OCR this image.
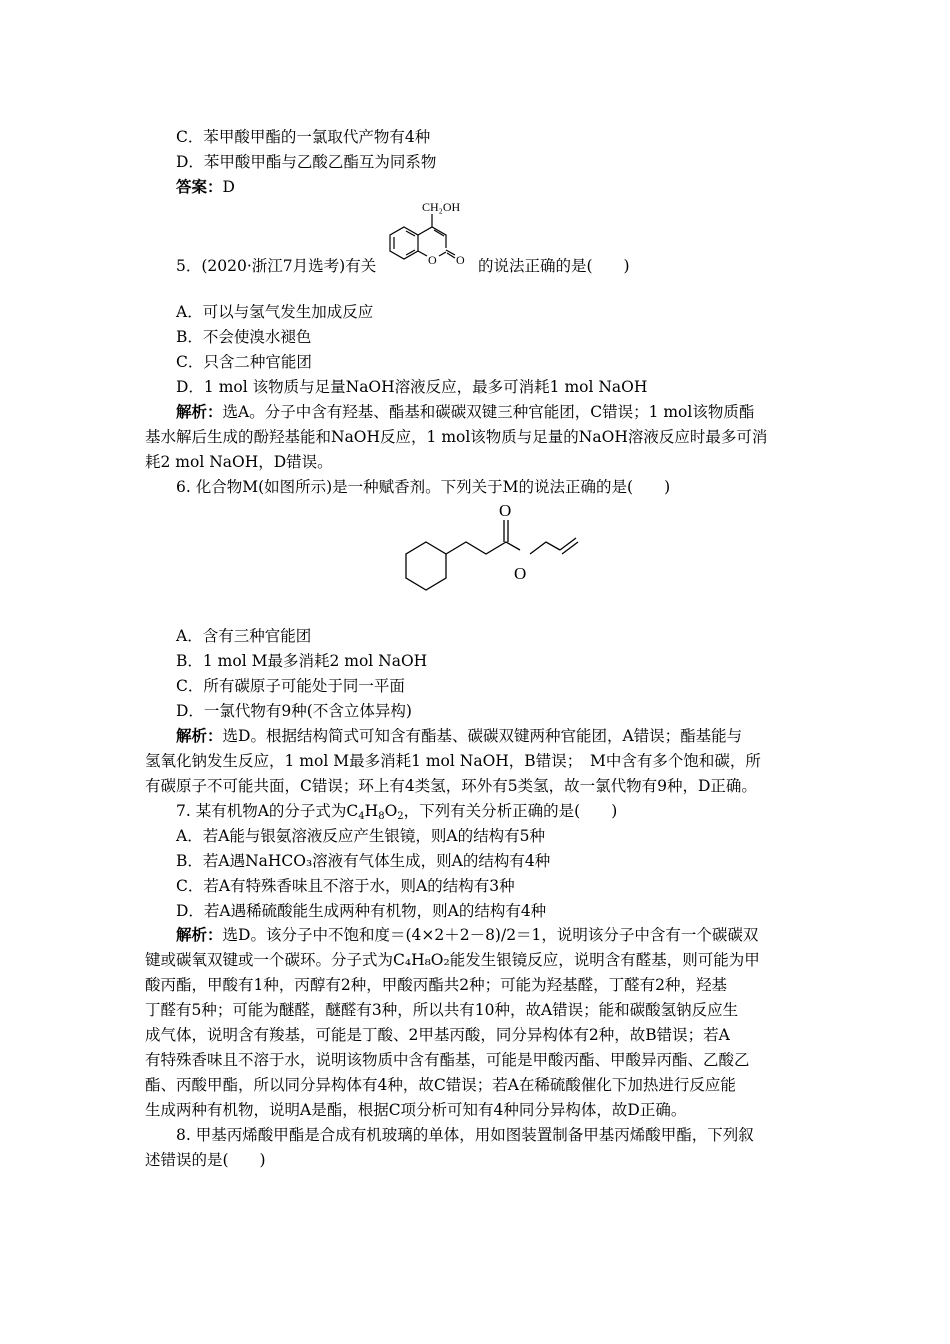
C．苯甲酸甲酯的一氯取代产物有4种
D．苯甲酸甲酯与乙酸乙酯互为同系物
答案：D
5．(2020·浙江7月选考)有关
CH₂OH
O O 的说法正确的是(　　)
A．可以与氢气发生加成反应
B．不会使溴水褪色
C．只含二种官能团
D．1 mol 该物质与足量NaOH溶液反应，最多可消耗1 mol NaOH
解析：选A。分子中含有羟基、酯基和碳碳双键三种官能团，C错误；1 mol该物质酯
基水解后生成的酚羟基能和NaOH反应，1 mol该物质与足量的NaOH溶液反应时最多可消
耗2 mol NaOH，D错误。
6. 化合物M(如图所示)是一种赋香剂。下列关于M的说法正确的是(　　)
O
O
A．含有三种官能团
B．1 mol M最多消耗2 mol NaOH
C．所有碳原子可能处于同一平面
D．一氯代物有9种(不含立体异构)
解析：选D。根据结构简式可知含有酯基、碳碳双键两种官能团，A错误；酯基能与
氢氧化钠发生反应，1 mol M最多消耗1 mol NaOH，B错误；　M中含有多个饱和碳，所
有碳原子不可能共面，C错误；环上有4类氢，环外有5类氢，故一氯代物有9种，D正确。
7. 某有机物A的分子式为$C_4H_8O_2$，下列有关分析正确的是(　　)
A．若A能与银氨溶液反应产生银镜，则A的结构有5种
B．若A遇NaHCO₃溶液有气体生成，则A的结构有4种
C．若A有特殊香味且不溶于水，则A的结构有3种
D．若A遇稀硫酸能生成两种有机物，则A的结构有4种
解析：选D。该分子中不饱和度＝(4×2＋2－8)/2＝1，说明该分子中含有一个碳碳双
键或碳氧双键或一个碳环。分子式为C₄H₈O₂能发生银镜反应，说明含有醛基，则可能为甲
酸丙酯，甲酸有1种，丙醇有2种，甲酸丙酯共2种；可能为羟基醛，丁醛有2种，羟基
丁醛有5种；可能为醚醛，醚醛有3种，所以共有10种，故A错误；能和碳酸氢钠反应生
成气体，说明含有羧基，可能是丁酸、2甲基丙酸，同分异构体有2种，故B错误；若A
有特殊香味且不溶于水，说明该物质中含有酯基，可能是甲酸丙酯、甲酸异丙酯、乙酸乙
酯、丙酸甲酯，所以同分异构体有4种，故C错误；若A在稀硫酸催化下加热进行反应能
生成两种有机物，说明A是酯，根据C项分析可知有4种同分异构体，故D正确。
8. 甲基丙烯酸甲酯是合成有机玻璃的单体，用如图装置制备甲基丙烯酸甲酯，下列叙
述错误的是(　　)
